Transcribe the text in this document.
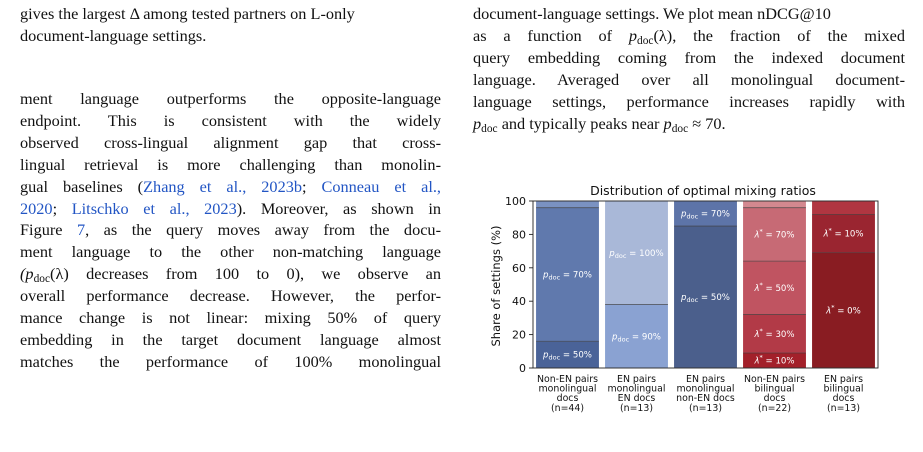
gives the largest Δ among tested partners on L-only
document-language settings.
ment language outperforms the opposite-language
endpoint. This is consistent with the widely
observed cross-lingual alignment gap that cross-
lingual retrieval is more challenging than monolin-
gual baselines (Zhang et al., 2023b; Conneau et al.,
2020; Litschko et al., 2023). Moreover, as shown in
Figure 7, as the query moves away from the docu-
ment language to the other non-matching language
($p_{doc}(\lambda)$ decreases from 100 to 0), we observe an
overall performance decrease. However, the perfor-
mance change is not linear: mixing 50% of query
embedding in the target document language almost
matches the performance of 100% monolingual
document-language settings. We plot mean nDCG@10
as a function of $p_{doc}(\lambda)$, the fraction of the mixed
query embedding coming from the indexed document
language. Averaged over all monolingual document-
language settings, performance increases rapidly with
$p_{doc}$ and typically peaks near $p_{doc} \approx 70$.
Distribution of optimal mixing ratios
Share of settings (%)
$p_{doc} = 50\%$
$p_{doc} = 70\%$
Non-EN pairs
monolingual
docs
(n=44)
$p_{doc} = 90\%$
$p_{doc} = 100\%$
EN pairs
monolingual
EN docs
(n=13)
$p_{doc} = 50\%$
$p_{doc} = 70\%$
EN pairs
monolingual
non-EN docs
(n=13)
λ* = 10%
λ* = 30%
λ* = 50%
λ* = 70%
Non-EN pairs
bilingual
docs
(n=22)
λ* = 0%
λ* = 10%
EN pairs
bilingual
docs
(n=13)
0
20
40
60
80
100
